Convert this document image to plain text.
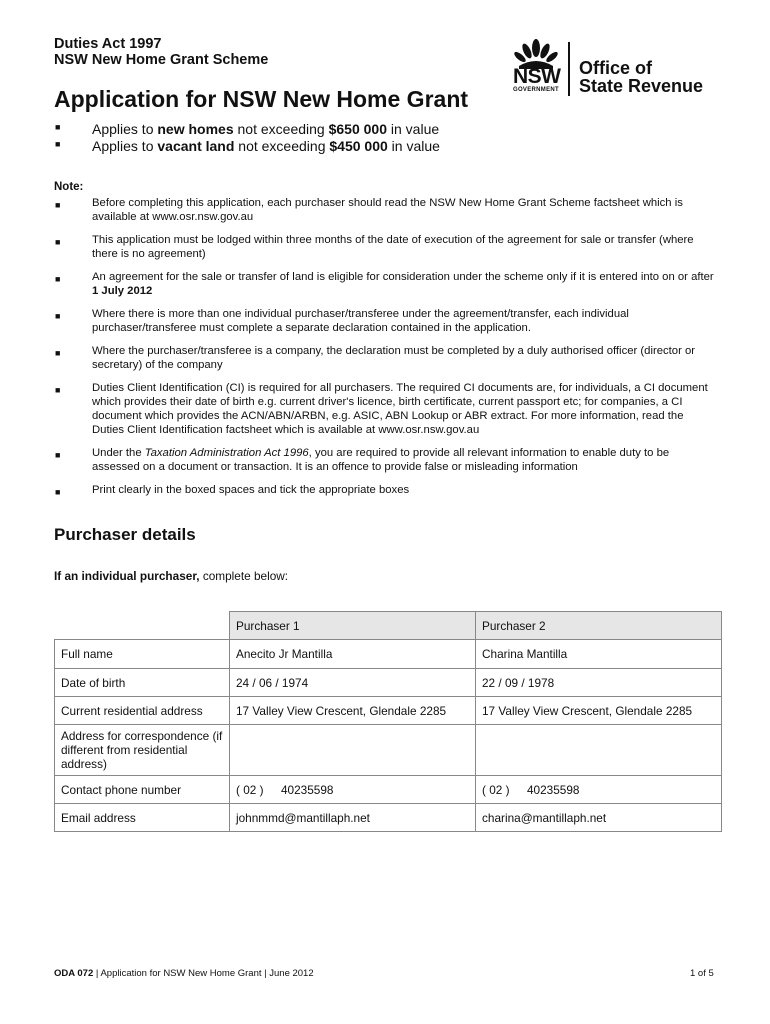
Duties Act 1997
NSW New Home Grant Scheme
NSW
GOVERNMENT
Office of
State Revenue
Application for NSW New Home Grant
■ Applies to new homes not exceeding $650 000 in value
■ Applies to vacant land not exceeding $450 000 in value
Note:
■	Before completing this application, each purchaser should read the NSW New Home Grant Scheme factsheet which is available at www.osr.nsw.gov.au
■	This application must be lodged within three months of the date of execution of the agreement for sale or transfer (where there is no agreement)
■	An agreement for the sale or transfer of land is eligible for consideration under the scheme only if it is entered into on or after 1 July 2012
■	Where there is more than one individual purchaser/transferee under the agreement/transfer, each individual purchaser/transferee must complete a separate declaration contained in the application.
■	Where the purchaser/transferee is a company, the declaration must be completed by a duly authorised officer (director or secretary) of the company
■	Duties Client Identification (CI) is required for all purchasers. The required CI documents are, for individuals, a CI document which provides their date of birth e.g. current driver's licence, birth certificate, current passport etc; for companies, a CI document which provides the ACN/ABN/ARBN, e.g. ASIC, ABN Lookup or ABR extract. For more information, read the Duties Client Identification factsheet which is available at www.osr.nsw.gov.au
■	Under the Taxation Administration Act 1996, you are required to provide all relevant information to enable duty to be assessed on a document or transaction. It is an offence to provide false or misleading information
■	Print clearly in the boxed spaces and tick the appropriate boxes
Purchaser details
If an individual purchaser, complete below:
	Purchaser 1	Purchaser 2
Full name	Anecito Jr Mantilla	Charina Mantilla
Date of birth	24 / 06 / 1974	22 / 09 / 1978
Current residential address	17 Valley View Crescent, Glendale 2285	17 Valley View Crescent, Glendale 2285
Address for correspondence (if different from residential address)		
Contact phone number	( 02 ) 40235598	( 02 ) 40235598
Email address	johnmmd@mantillaph.net	charina@mantillaph.net
ODA 072 | Application for NSW New Home Grant | June 2012	1 of 5
